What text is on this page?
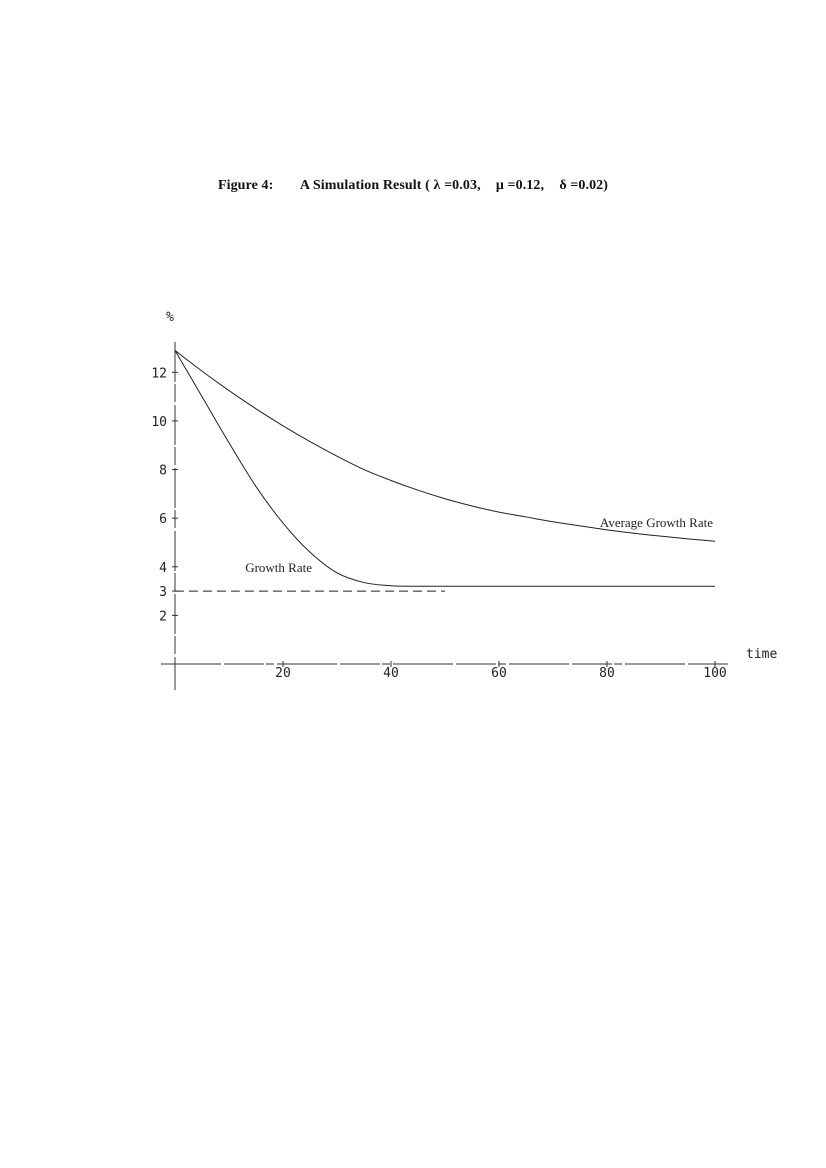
Figure 4: A Simulation Result ( λ =0.03, μ =0.12, δ =0.02)
20	40	60	80	100
2
3
4
6
8
10
12
%
time
Average Growth Rate
Growth Rate
